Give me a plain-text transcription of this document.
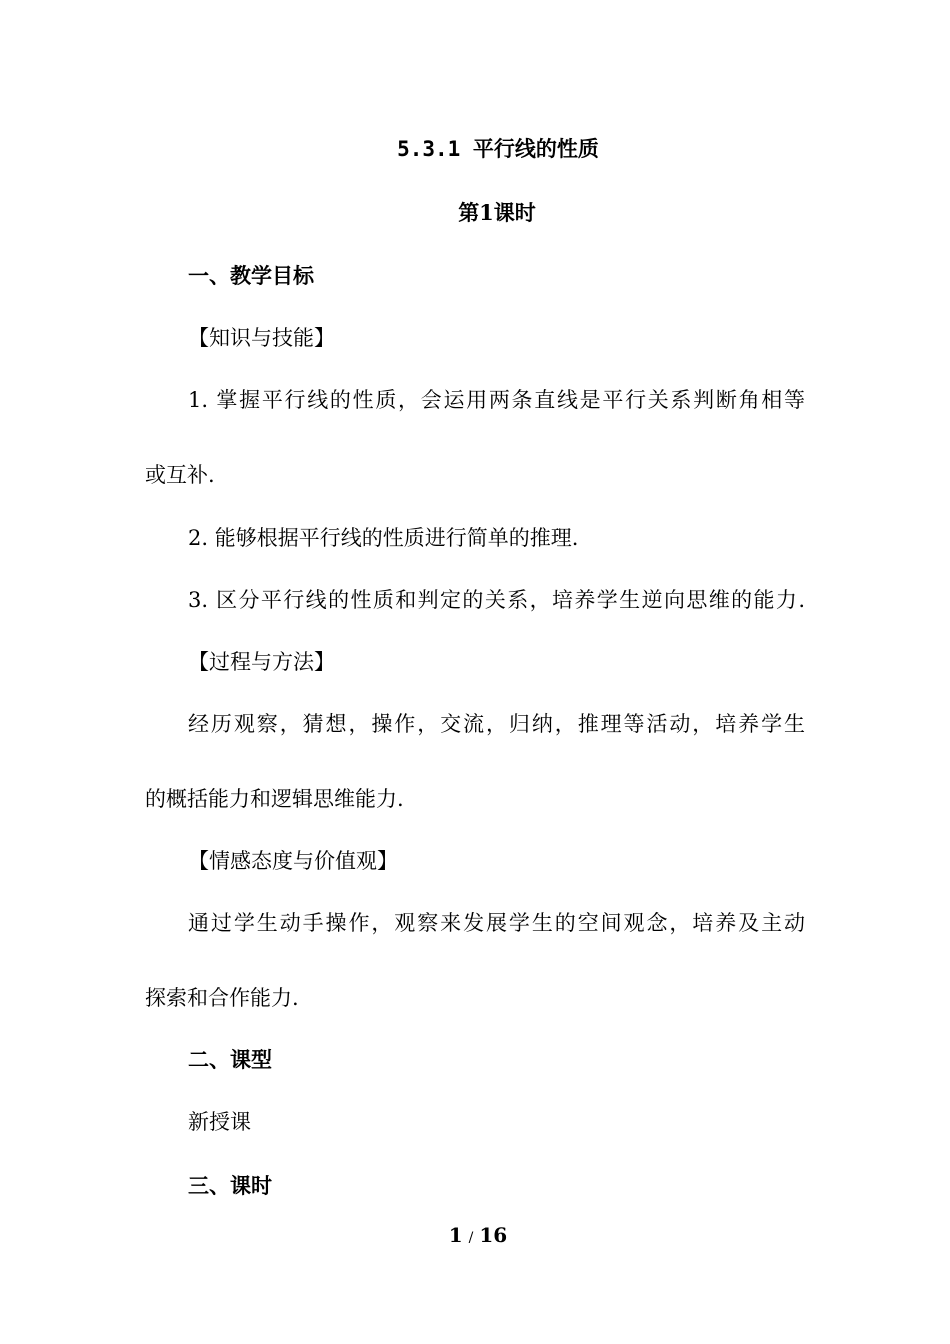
5.3.1 平行线的性质
第1课时
一、教学目标
【知识与技能】
1. 掌握平行线的性质，会运用两条直线是平行关系判断角相等
或互补.
2. 能够根据平行线的性质进行简单的推理.
3. 区分平行线的性质和判定的关系，培养学生逆向思维的能力.
【过程与方法】
经历观察，猜想，操作，交流，归纳，推理等活动，培养学生
的概括能力和逻辑思维能力.
【情感态度与价值观】
通过学生动手操作，观察来发展学生的空间观念，培养及主动
探索和合作能力.
二、课型
新授课
三、课时
1 / 16
